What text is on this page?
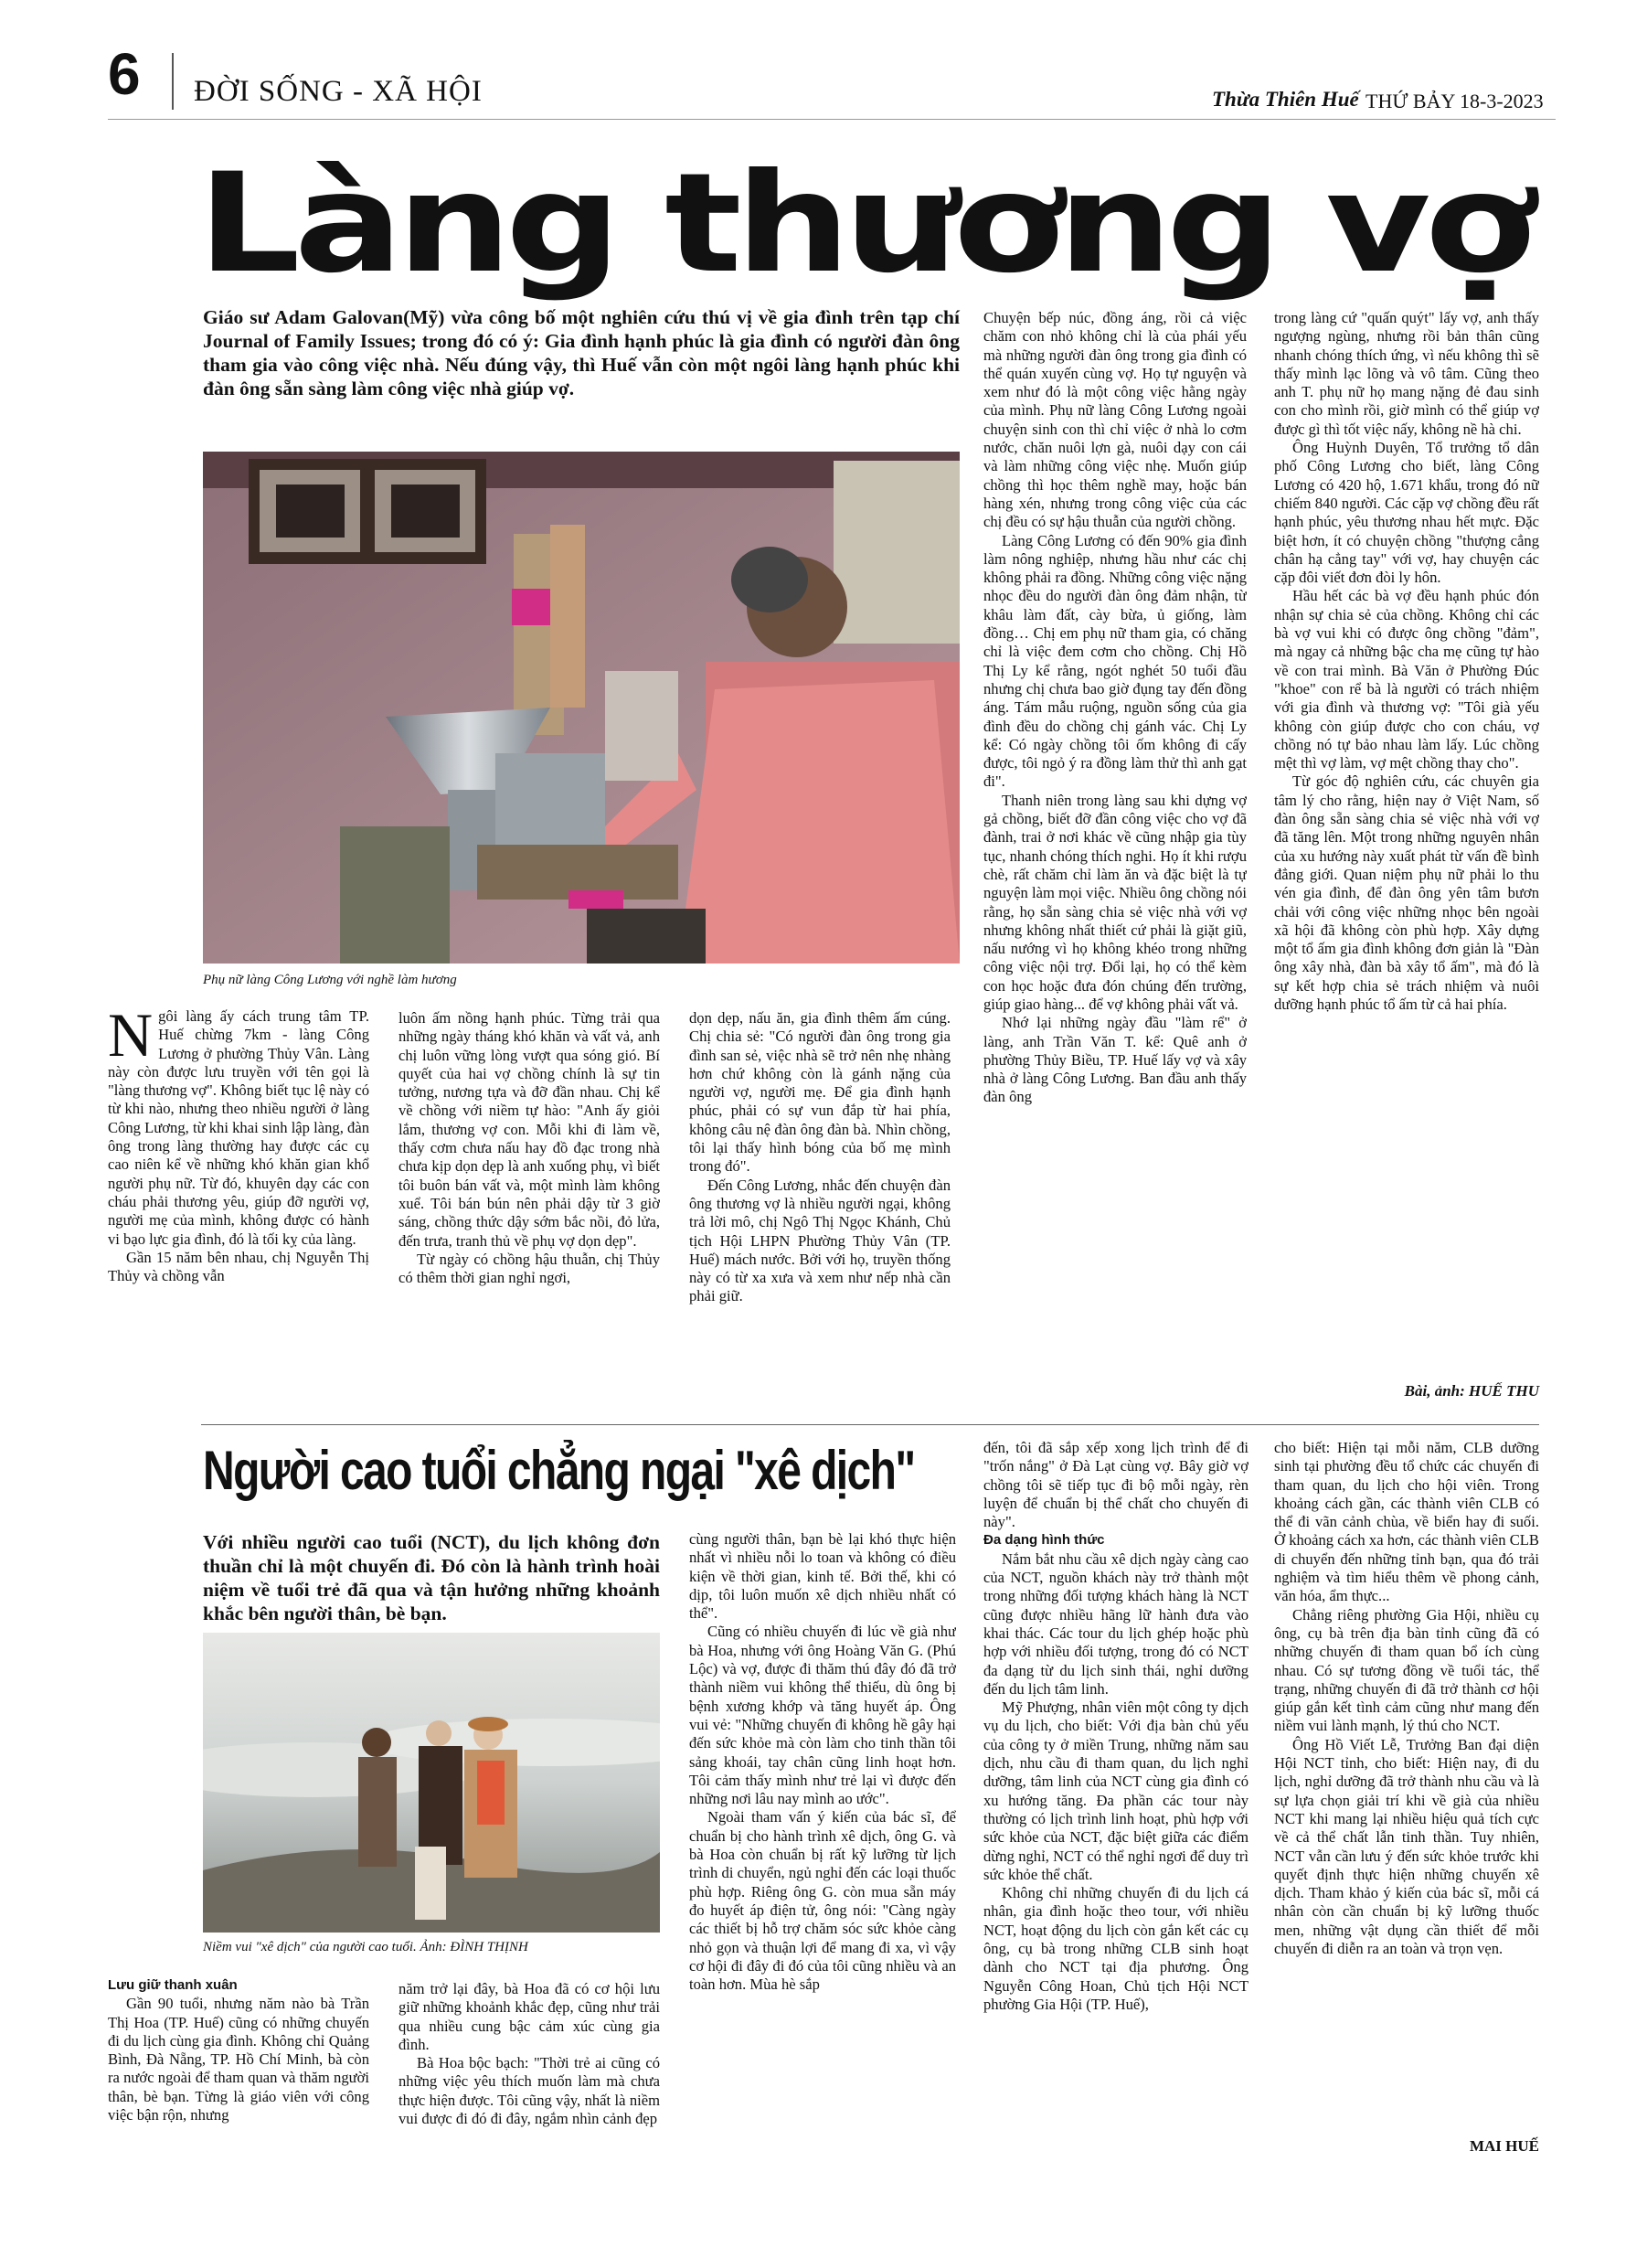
6 ĐỜI SỐNG - XÃ HỘI	Thừa Thiên Huế THỨ BẢY 18-3-2023
Làng thương vợ
Giáo sư Adam Galovan(Mỹ) vừa công bố một nghiên cứu thú vị về gia đình trên tạp chí Journal of Family Issues; trong đó có ý: Gia đình hạnh phúc là gia đình có người đàn ông tham gia vào công việc nhà. Nếu đúng vậy, thì Huế vẫn còn một ngôi làng hạnh phúc khi đàn ông sẵn sàng làm công việc nhà giúp vợ.
Phụ nữ làng Công Lương với nghề làm hương
N gôi làng ấy cách trung tâm TP. Huế chừng 7km - làng Công Lương ở phường Thủy Vân. Làng này còn được lưu truyền với tên gọi là "làng thương vợ". Không biết tục lệ này có từ khi nào, nhưng theo nhiều người ở làng Công Lương, từ khi khai sinh lập làng, đàn ông trong làng thường hay được các cụ cao niên kể về những khó khăn gian khổ người phụ nữ. Từ đó, khuyên dạy các con cháu phải thương yêu, giúp đỡ người vợ, người mẹ của mình, không được có hành vi bạo lực gia đình, đó là tối kỵ của làng.

Gần 15 năm bên nhau, chị Nguyễn Thị Thủy và chồng vẫn

luôn ấm nồng hạnh phúc. Từng trải qua những ngày tháng khó khăn và vất vả, anh chị luôn vững lòng vượt qua sóng gió. Bí quyết của hai vợ chồng chính là sự tin tưởng, nương tựa và đỡ đần nhau. Chị kể về chồng với niềm tự hào: "Anh ấy giỏi lắm, thương vợ con. Mỗi khi đi làm về, thấy cơm chưa nấu hay đồ đạc trong nhà chưa kịp dọn dẹp là anh xuống phụ, vì biết tôi buôn bán vất và, một mình làm không xuể. Tôi bán bún nên phải dậy từ 3 giờ sáng, chồng thức dậy sớm bắc nồi, đỏ lửa, đến trưa, tranh thủ về phụ vợ dọn dẹp".

Từ ngày có chồng hậu thuẫn, chị Thủy có thêm thời gian nghỉ ngơi,

dọn dẹp, nấu ăn, gia đình thêm ấm cúng. Chị chia sẻ: "Có người đàn ông trong gia đình san sẻ, việc nhà sẽ trở nên nhẹ nhàng hơn chứ không còn là gánh nặng của người vợ, người mẹ. Để gia đình hạnh phúc, phải có sự vun đắp từ hai phía, không câu nệ đàn ông đàn bà. Nhìn chồng, tôi lại thấy hình bóng của bố mẹ mình trong đó".

Đến Công Lương, nhắc đến chuyện đàn ông thương vợ là nhiều người ngại, không trả lời mô, chị Ngô Thị Ngọc Khánh, Chủ tịch Hội LHPN Phường Thủy Vân (TP. Huế) mách nước. Bởi với họ, truyền thống này có từ xa xưa và xem như nếp nhà cần phải giữ.

Chuyện bếp núc, đồng áng, rồi cả việc chăm con nhỏ không chỉ là của phái yếu mà những người đàn ông trong gia đình có thể quán xuyến cùng vợ. Họ tự nguyện và xem như đó là một công việc hằng ngày của mình. Phụ nữ làng Công Lương ngoài chuyện sinh con thì chỉ việc ở nhà lo cơm nước, chăn nuôi lợn gà, nuôi dạy con cái và làm những công việc nhẹ. Muốn giúp chồng thì học thêm nghề may, hoặc bán hàng xén, nhưng trong công việc của các chị đều có sự hậu thuẫn của người chồng.

Làng Công Lương có đến 90% gia đình làm nông nghiệp, nhưng hầu như các chị không phải ra đồng. Những công việc nặng nhọc đều do người đàn ông đảm nhận, từ khâu làm đất, cày bừa, ủ giống, làm đồng… Chị em phụ nữ tham gia, có chăng chỉ là việc đem cơm cho chồng. Chị Hồ Thị Ly kể rằng, ngót nghét 50 tuổi đầu nhưng chị chưa bao giờ đụng tay đến đồng áng. Tám mẫu ruộng, nguồn sống của gia đình đều do chồng chị gánh vác. Chị Ly kể: Có ngày chồng tôi ốm không đi cấy được, tôi ngỏ ý ra đồng làm thử thì anh gạt đi".

Thanh niên trong làng sau khi dựng vợ gả chồng, biết đỡ đần công việc cho vợ đã đành, trai ở nơi khác về cũng nhập gia tùy tục, nhanh chóng thích nghi. Họ ít khi rượu chè, rất chăm chỉ làm ăn và đặc biệt là tự nguyện làm mọi việc. Nhiều ông chồng nói rằng, họ sẵn sàng chia sẻ việc nhà với vợ nhưng không nhất thiết cứ phải là giặt giũ, nấu nướng vì họ không khéo trong những công việc nội trợ. Đổi lại, họ có thể kèm con học hoặc đưa đón chúng đến trường, giúp giao hàng... để vợ không phải vất vả.

Nhớ lại những ngày đầu "làm rể" ở làng, anh Trần Văn T. kể: Quê anh ở phường Thủy Biều, TP. Huế lấy vợ và xây nhà ở làng Công Lương. Ban đầu anh thấy đàn ông

trong làng cứ "quấn quýt" lấy vợ, anh thấy ngượng ngùng, nhưng rồi bản thân cũng nhanh chóng thích ứng, vì nếu không thì sẽ thấy mình lạc lõng và vô tâm. Cũng theo anh T. phụ nữ họ mang nặng đẻ đau sinh con cho mình rồi, giờ mình có thể giúp vợ được gì thì tốt việc nấy, không nề hà chi.

Ông Huỳnh Duyên, Tổ trưởng tổ dân phố Công Lương cho biết, làng Công Lương có 420 hộ, 1.671 khẩu, trong đó nữ chiếm 840 người. Các cặp vợ chồng đều rất hạnh phúc, yêu thương nhau hết mực. Đặc biệt hơn, ít có chuyện chồng "thượng cẳng chân hạ cẳng tay" với vợ, hay chuyện các cặp đôi viết đơn đòi ly hôn.

Hầu hết các bà vợ đều hạnh phúc đón nhận sự chia sẻ của chồng. Không chỉ các bà vợ vui khi có được ông chồng "đảm", mà ngay cả những bậc cha mẹ cũng tự hào về con trai mình. Bà Văn ở Phường Đúc "khoe" con rể bà là người có trách nhiệm với gia đình và thương vợ: "Tôi già yếu không còn giúp được cho con cháu, vợ chồng nó tự bảo nhau làm lấy. Lúc chồng mệt thì vợ làm, vợ mệt chồng thay cho".

Từ góc độ nghiên cứu, các chuyên gia tâm lý cho rằng, hiện nay ở Việt Nam, số đàn ông sẵn sàng chia sẻ việc nhà với vợ đã tăng lên. Một trong những nguyên nhân của xu hướng này xuất phát từ vấn đề bình đẳng giới. Quan niệm phụ nữ phải lo thu vén gia đình, để đàn ông yên tâm bươn chải với công việc những nhọc bên ngoài xã hội đã không còn phù hợp. Xây dựng một tổ ấm gia đình không đơn giản là "Đàn ông xây nhà, đàn bà xây tổ ấm", mà đó là sự kết hợp chia sẻ trách nhiệm và nuôi dưỡng hạnh phúc tổ ấm từ cả hai phía.

Bài, ảnh: HUẾ THU
Người cao tuổi chẳng ngại "xê dịch"
Với nhiều người cao tuổi (NCT), du lịch không đơn thuần chỉ là một chuyến đi. Đó còn là hành trình hoài niệm về tuổi trẻ đã qua và tận hưởng những khoảnh khắc bên người thân, bè bạn.
Niềm vui "xê dịch" của người cao tuổi. Ảnh: ĐÌNH THỊNH

Lưu giữ thanh xuân

Gần 90 tuổi, nhưng năm nào bà Trần Thị Hoa (TP. Huế) cũng có những chuyến đi du lịch cùng gia đình. Không chỉ Quảng Bình, Đà Nẵng, TP. Hồ Chí Minh, bà còn ra nước ngoài để tham quan và thăm người thân, bè bạn. Từng là giáo viên với công việc bận rộn, nhưng

năm trở lại đây, bà Hoa đã có cơ hội lưu giữ những khoảnh khắc đẹp, cũng như trải qua nhiều cung bậc cảm xúc cùng gia đình.

Bà Hoa bộc bạch: "Thời trẻ ai cũng có những việc yêu thích muốn làm mà chưa thực hiện được. Tôi cũng vậy, nhất là niềm vui được đi đó đi đây, ngắm nhìn cảnh đẹp

cùng người thân, bạn bè lại khó thực hiện nhất vì nhiều nỗi lo toan và không có điều kiện về thời gian, kinh tế. Bởi thế, khi có dịp, tôi luôn muốn xê dịch nhiều nhất có thể".

Cũng có nhiều chuyến đi lúc về già như bà Hoa, nhưng với ông Hoàng Văn G. (Phú Lộc) và vợ, được đi thăm thú đây đó đã trở thành niềm vui không thể thiếu, dù ông bị bệnh xương khớp và tăng huyết áp. Ông vui vẻ: "Những chuyến đi không hề gây hại đến sức khỏe mà còn làm cho tinh thần tôi sảng khoái, tay chân cũng linh hoạt hơn. Tôi cảm thấy mình như trẻ lại vì được đến những nơi lâu nay mình ao ước".

Ngoài tham vấn ý kiến của bác sĩ, để chuẩn bị cho hành trình xê dịch, ông G. và bà Hoa còn chuẩn bị rất kỹ lưỡng từ lịch trình di chuyển, ngủ nghỉ đến các loại thuốc phù hợp. Riêng ông G. còn mua sẵn máy đo huyết áp điện tử, ông nói: "Càng ngày các thiết bị hỗ trợ chăm sóc sức khỏe càng nhỏ gọn và thuận lợi để mang đi xa, vì vậy cơ hội đi đây đi đó của tôi cũng nhiều và an toàn hơn. Mùa hè sắp

đến, tôi đã sắp xếp xong lịch trình để đi "trốn nắng" ở Đà Lạt cùng vợ. Bây giờ vợ chồng tôi sẽ tiếp tục đi bộ mỗi ngày, rèn luyện để chuẩn bị thể chất cho chuyến đi này".

Đa dạng hình thức

Nắm bắt nhu cầu xê dịch ngày càng cao của NCT, nguồn khách này trở thành một trong những đối tượng khách hàng là NCT cũng được nhiều hãng lữ hành đưa vào khai thác. Các tour du lịch ghép hoặc phù hợp với nhiều đối tượng, trong đó có NCT đa dạng từ du lịch sinh thái, nghỉ dưỡng đến du lịch tâm linh.

Mỹ Phượng, nhân viên một công ty dịch vụ du lịch, cho biết: Với địa bàn chủ yếu của công ty ở miền Trung, những năm sau dịch, nhu cầu đi tham quan, du lịch nghỉ dưỡng, tâm linh của NCT cùng gia đình có xu hướng tăng. Đa phần các tour này thường có lịch trình linh hoạt, phù hợp với sức khỏe của NCT, đặc biệt giữa các điểm dừng nghỉ, NCT có thể nghỉ ngơi để duy trì sức khỏe thể chất.

Không chỉ những chuyến đi du lịch cá nhân, gia đình hoặc theo tour, với nhiều NCT, hoạt động du lịch còn gắn kết các cụ ông, cụ bà trong những CLB sinh hoạt dành cho NCT tại địa phương. Ông Nguyễn Công Hoan, Chủ tịch Hội NCT phường Gia Hội (TP. Huế),

cho biết: Hiện tại mỗi năm, CLB dưỡng sinh tại phường đều tổ chức các chuyến đi tham quan, du lịch cho hội viên. Trong khoảng cách gần, các thành viên CLB có thể đi vãn cảnh chùa, về biển hay đi suối. Ở khoảng cách xa hơn, các thành viên CLB di chuyển đến những tỉnh bạn, qua đó trải nghiệm và tìm hiểu thêm về phong cảnh, văn hóa, ẩm thực...

Chẳng riêng phường Gia Hội, nhiều cụ ông, cụ bà trên địa bàn tỉnh cũng đã có những chuyến đi tham quan bổ ích cùng nhau. Có sự tương đồng về tuổi tác, thể trạng, những chuyến đi đã trở thành cơ hội giúp gắn kết tình cảm cũng như mang đến niềm vui lành mạnh, lý thú cho NCT.

Ông Hồ Viết Lễ, Trưởng Ban đại diện Hội NCT tỉnh, cho biết: Hiện nay, đi du lịch, nghỉ dưỡng đã trở thành nhu cầu và là sự lựa chọn giải trí khi về già của nhiều NCT khi mang lại nhiều hiệu quả tích cực về cả thể chất lẫn tinh thần. Tuy nhiên, NCT vẫn cần lưu ý đến sức khỏe trước khi quyết định thực hiện những chuyến xê dịch. Tham khảo ý kiến của bác sĩ, mỗi cá nhân còn cần chuẩn bị kỹ lưỡng thuốc men, những vật dụng cần thiết để mỗi chuyến đi diễn ra an toàn và trọn vẹn.

MAI HUẾ
